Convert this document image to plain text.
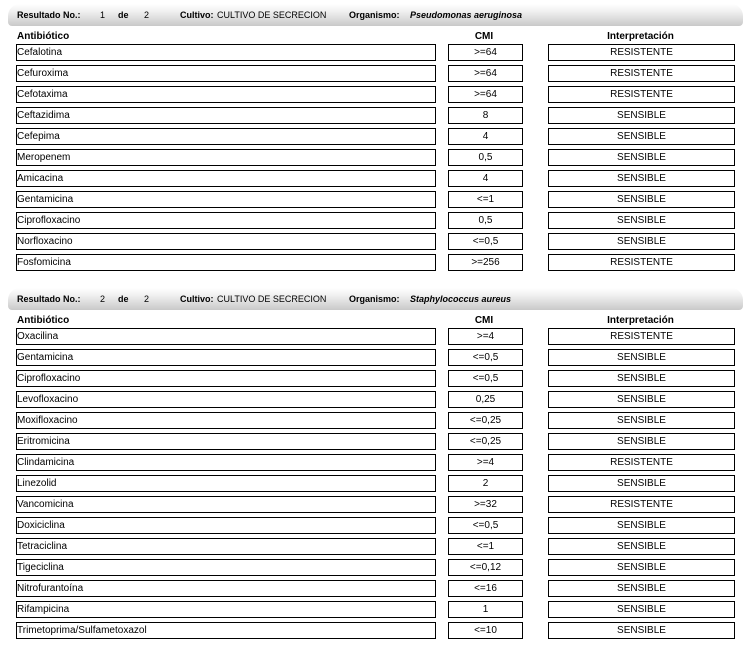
Resultado No.: 1 de 2	Cultivo: CULTIVO DE SECRECION	Organismo: Pseudomonas aeruginosa
Antibiótico	CMI	Interpretación
Cefalotina	>=64	RESISTENTE
Cefuroxima	>=64	RESISTENTE
Cefotaxima	>=64	RESISTENTE
Ceftazidima	8	SENSIBLE
Cefepima	4	SENSIBLE
Meropenem	0,5	SENSIBLE
Amicacina	4	SENSIBLE
Gentamicina	<=1	SENSIBLE
Ciprofloxacino	0,5	SENSIBLE
Norfloxacino	<=0,5	SENSIBLE
Fosfomicina	>=256	RESISTENTE
Resultado No.: 2 de 2	Cultivo: CULTIVO DE SECRECION	Organismo: Staphylococcus aureus
Antibiótico	CMI	Interpretación
Oxacilina	>=4	RESISTENTE
Gentamicina	<=0,5	SENSIBLE
Ciprofloxacino	<=0,5	SENSIBLE
Levofloxacino	0,25	SENSIBLE
Moxifloxacino	<=0,25	SENSIBLE
Eritromicina	<=0,25	SENSIBLE
Clindamicina	>=4	RESISTENTE
Linezolid	2	SENSIBLE
Vancomicina	>=32	RESISTENTE
Doxiciclina	<=0,5	SENSIBLE
Tetraciclina	<=1	SENSIBLE
Tigeciclina	<=0,12	SENSIBLE
Nitrofurantoína	<=16	SENSIBLE
Rifampicina	1	SENSIBLE
Trimetoprima/Sulfametoxazol	<=10	SENSIBLE
